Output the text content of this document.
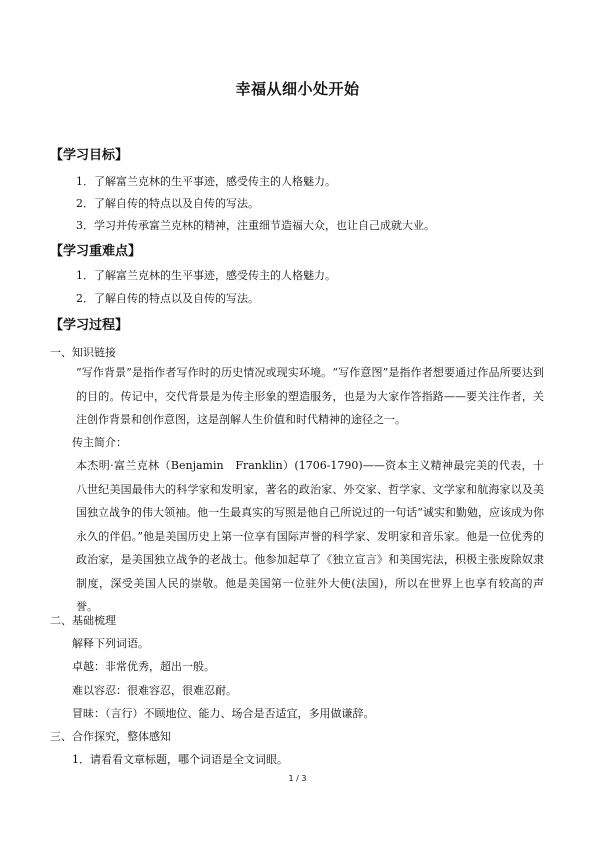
幸福从细小处开始
【学习目标】
1．了解富兰克林的生平事迹，感受传主的人格魅力。
2．了解自传的特点以及自传的写法。
3．学习并传承富兰克林的精神，注重细节造福大众，也让自己成就大业。
【学习重难点】
1．了解富兰克林的生平事迹，感受传主的人格魅力。
2．了解自传的特点以及自传的写法。
【学习过程】
一、知识链接
“写作背景”是指作者写作时的历史情况或现实环境。“写作意图”是指作者想要通过作品所要达到的目的。传记中，交代背景是为传主形象的塑造服务，也是为大家作答指路——要关注作者，关注创作背景和创作意图，这是剖解人生价值和时代精神的途径之一。
传主简介：
本杰明·富兰克林（Benjamin　Franklin）(1706-1790)——资本主义精神最完美的代表，十八世纪美国最伟大的科学家和发明家，著名的政治家、外交家、哲学家、文学家和航海家以及美国独立战争的伟大领袖。他一生最真实的写照是他自己所说过的一句话“诚实和勤勉，应该成为你永久的伴侣。”他是美国历史上第一位享有国际声誉的科学家、发明家和音乐家。他是一位优秀的政治家，是美国独立战争的老战士。他参加起草了《独立宣言》和美国宪法，积极主张废除奴隶制度，深受美国人民的崇敬。他是美国第一位驻外大使(法国)，所以在世界上也享有较高的声誉。
二、基础梳理
解释下列词语。
卓越：非常优秀，超出一般。
难以容忍：很难容忍，很难忍耐。
冒昧：（言行）不顾地位、能力、场合是否适宜，多用做谦辞。
三、合作探究，整体感知
1．请看看文章标题，哪个词语是全文词眼。
1 / 3
